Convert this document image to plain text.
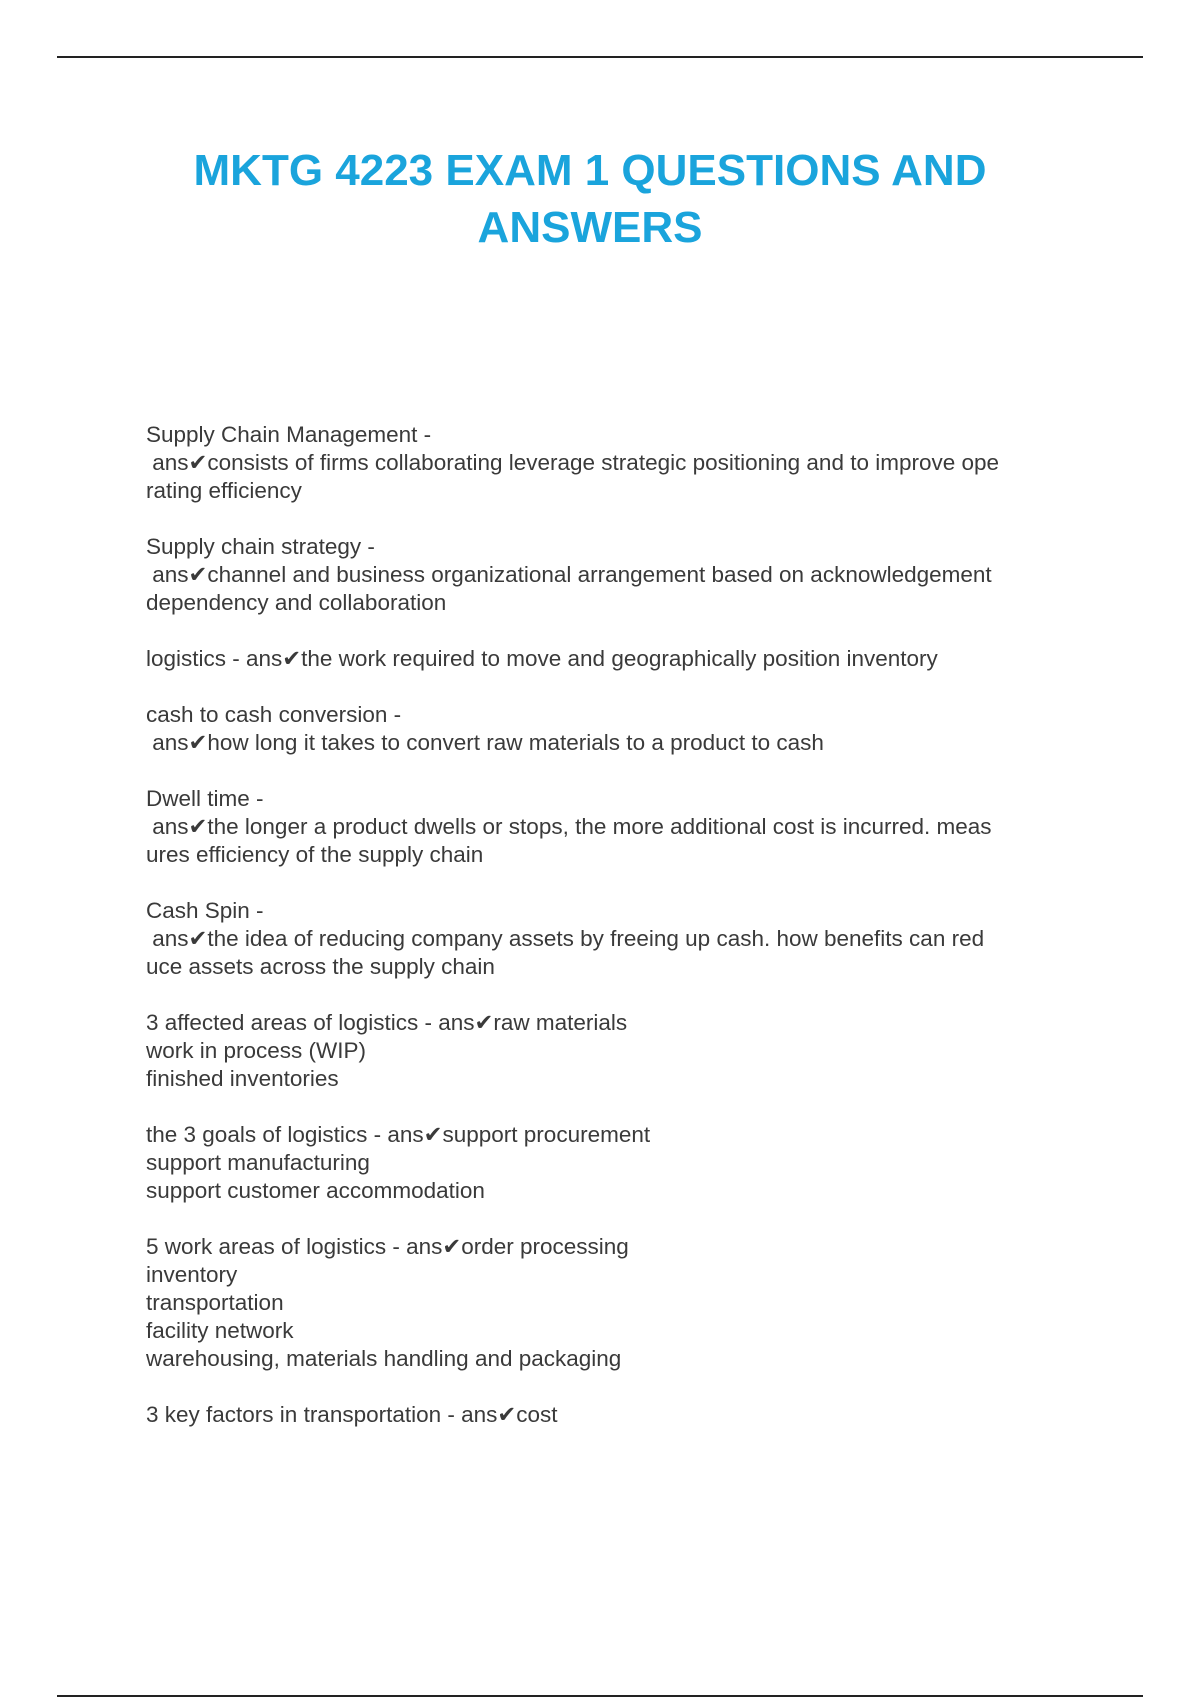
MKTG 4223 EXAM 1 QUESTIONS AND ANSWERS
Supply Chain Management -
ans✔consists of firms collaborating leverage strategic positioning and to improve ope
rating efficiency
Supply chain strategy -
ans✔channel and business organizational arrangement based on acknowledgement
dependency and collaboration
logistics - ans✔the work required to move and geographically position inventory
cash to cash conversion -
ans✔how long it takes to convert raw materials to a product to cash
Dwell time -
ans✔the longer a product dwells or stops, the more additional cost is incurred. meas
ures efficiency of the supply chain
Cash Spin -
ans✔the idea of reducing company assets by freeing up cash. how benefits can red
uce assets across the supply chain
3 affected areas of logistics - ans✔raw materials
work in process (WIP)
finished inventories
the 3 goals of logistics - ans✔support procurement
support manufacturing
support customer accommodation
5 work areas of logistics - ans✔order processing
inventory
transportation
facility network
warehousing, materials handling and packaging
3 key factors in transportation - ans✔cost
